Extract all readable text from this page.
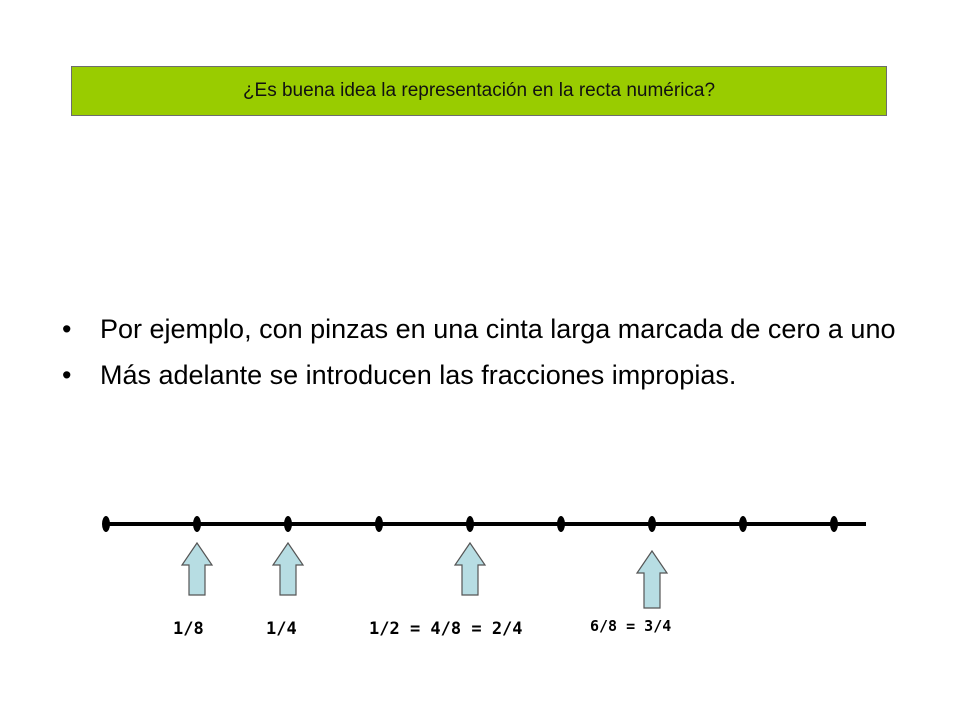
¿Es buena idea la representación en la recta numérica?
• Por ejemplo, con pinzas en una cinta larga marcada de cero a uno
• Más adelante se introducen las fracciones impropias.
1/8	1/4	1/2 = 4/8 = 2/4	6/8 = 3/4
